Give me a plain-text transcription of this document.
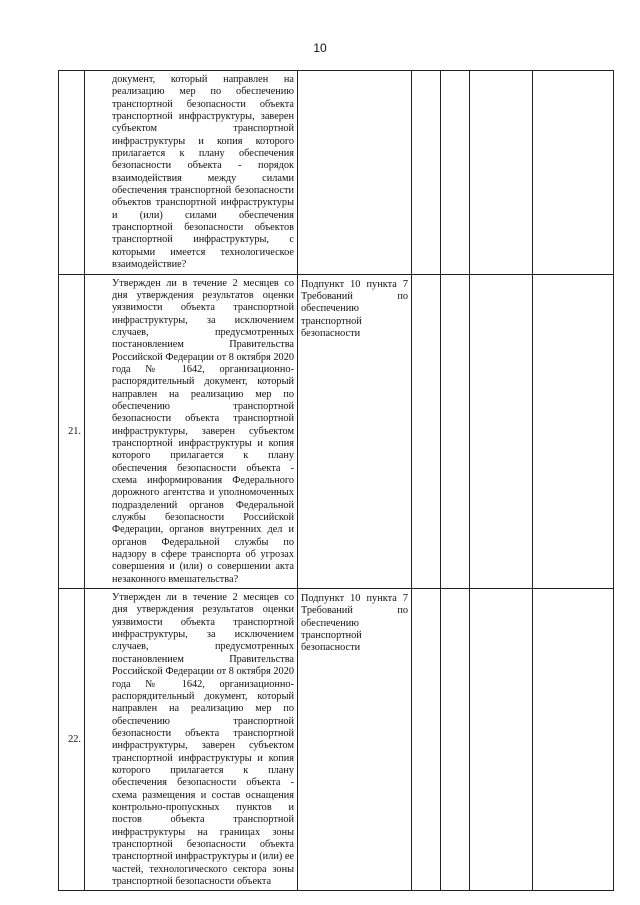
10
	документ, который направлен на реализацию мер по обеспечению транспортной безопасности объекта транспортной инфраструктуры, заверен субъектом транспортной инфраструктуры и копия которого прилагается к плану обеспечения безопасности объекта - порядок взаимодействия между силами обеспечения транспортной безопасности объектов транспортной инфраструктуры и (или) силами обеспечения транспортной безопасности объектов транспортной инфраструктуры, с которыми имеется технологическое взаимодействие?					
21.	Утвержден ли в течение 2 месяцев со дня утверждения результатов оценки уязвимости объекта транспортной инфраструктуры, за исключением случаев, предусмотренных постановлением Правительства Российской Федерации от 8 октября 2020 года № 1642, организационно-распорядительный документ, который направлен на реализацию мер по обеспечению транспортной безопасности объекта транспортной инфраструктуры, заверен субъектом транспортной инфраструктуры и копия которого прилагается к плану обеспечения безопасности объекта - схема информирования Федерального дорожного агентства и уполномоченных подразделений органов Федеральной службы безопасности Российской Федерации, органов внутренних дел и органов Федеральной службы по надзору в сфере транспорта об угрозах совершения и (или) о совершении акта незаконного вмешательства?	Подпункт 10 пункта 7 Требований по обеспечению транспортной безопасности				
22.	Утвержден ли в течение 2 месяцев со дня утверждения результатов оценки уязвимости объекта транспортной инфраструктуры, за исключением случаев, предусмотренных постановлением Правительства Российской Федерации от 8 октября 2020 года № 1642, организационно-распорядительный документ, который направлен на реализацию мер по обеспечению транспортной безопасности объекта транспортной инфраструктуры, заверен субъектом транспортной инфраструктуры и копия которого прилагается к плану обеспечения безопасности объекта - схема размещения и состав оснащения контрольно-пропускных пунктов и постов объекта транспортной инфраструктуры на границах зоны транспортной безопасности объекта транспортной инфраструктуры и (или) ее частей, технологического сектора зоны транспортной безопасности объекта	Подпункт 10 пункта 7 Требований по обеспечению транспортной безопасности				
